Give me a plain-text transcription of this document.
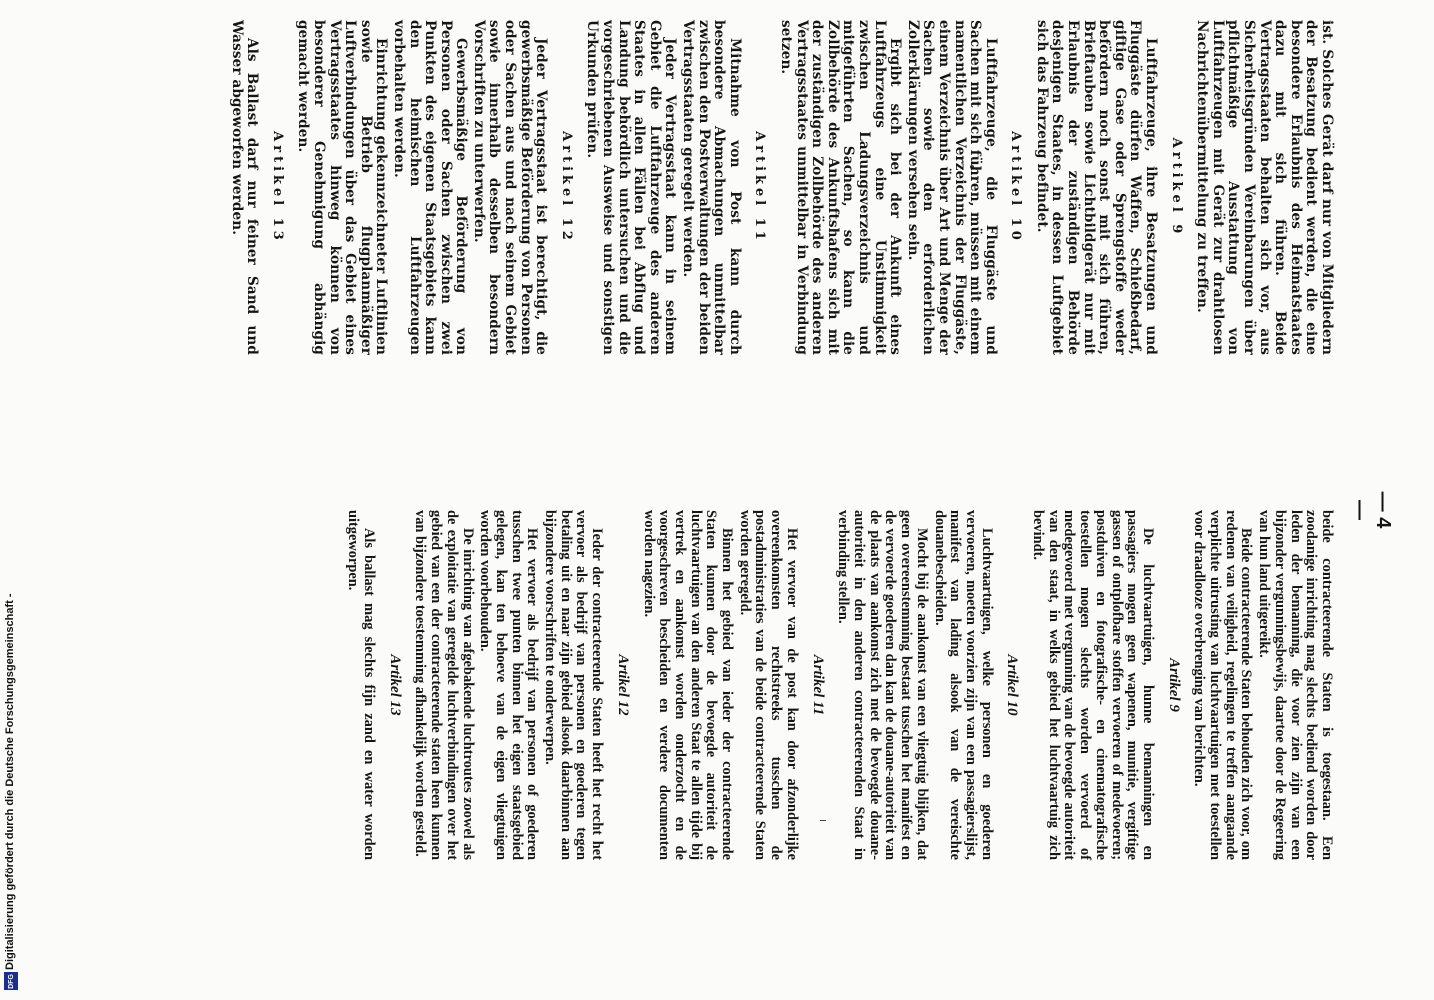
— 4 —

ist. Solches Gerät darf nur von Mitgliedern der Besatzung bedient werden, die eine besondere Erlaubnis des Heimatstaates dazu mit sich führen. Beide Vertragsstaaten behalten sich vor, aus Sicherheitsgründen Vereinbarungen über pflichtmäßige Ausstattung von Luftfahrzeugen mit Gerät zur drahtlosen Nachrichtenübermittelung zu treffen.

Artikel 9

Luftfahrzeuge, ihre Besatzungen und Fluggäste dürfen Waffen, Schießbedarf, giftige Gase oder Sprengstoffe weder befördern noch sonst mit sich führen, Brieftauben sowie Lichtbildgerät nur mit Erlaubnis der zuständigen Behörde desjenigen Staates, in dessen Luftgebiet sich das Fahrzeug befindet.

Artikel 10

Luftfahrzeuge, die Fluggäste und Sachen mit sich führen, müssen mit einem namentlichen Verzeichnis der Fluggäste, einem Verzeichnis über Art und Menge der Sachen sowie den erforderlichen Zollerklärungen versehen sein.

Ergibt sich bei der Ankunft eines Luftfahrzeugs eine Unstimmigkeit zwischen Ladungsverzeichnis und mitgeführten Sachen, so kann die Zollbehörde des Ankunftshafens sich mit der zuständigen Zollbehörde des anderen Vertragsstaates unmittelbar in Verbindung setzen.

Artikel 11

Mitnahme von Post kann durch besondere Abmachungen unmittelbar zwischen den Postverwaltungen der beiden Vertragsstaaten geregelt werden.

Jeder Vertragsstaat kann in seinem Gebiet die Luftfahrzeuge des anderen Staates in allen Fällen bei Abflug und Landung behördlich untersuchen und die vorgeschriebenen Ausweise und sonstigen Urkunden prüfen.

Artikel 12

Jeder Vertragsstaat ist berechtigt, die gewerbsmäßige Beförderung von Personen oder Sachen aus und nach seinem Gebiet sowie innerhalb desselben besondern Vorschriften zu unterwerfen.

Gewerbsmäßige Beförderung von Personen oder Sachen zwischen zwei Punkten des eigenen Staatsgebiets kann den heimischen Luftfahrzeugen vorbehalten werden.

Einrichtung gekennzeichneter Luftlinien sowie Betrieb flugplanmäßiger Luftverbindungen über das Gebiet eines Vertragsstaates hinweg können von besonderer Genehmigung abhängig gemacht werden.

Artikel 13

Als Ballast darf nur feiner Sand und Wasser abgeworfen werden.

beide contracteerende Staten is toegestaan. Een zoodanige inrichting mag slechts bediend worden door leden der bemanning, die voor zien zijn van een bijzonder vergunningsbewijs, daartoe door de Regeering van hun land uitgereikt.

Beide contracteerende Staten behouden zich voor, om redenen van veiligheid, regelingen te treffen aangaande verplichte uitrusting van luchtvaartuigen met toestellen voor draadlooze overbrenging van berichten.

Artikel 9

De luchtvaartuigen, hunne bemanningen en passagiers mogen geen wapenen, munitie, vergiftige gassen of ontplofbare stoffen vervoeren of medevoeren; postduiven en fotografische- en cinematografische toestellen mogen slechts worden vervoerd of medegevoerd met vergunning van de bevoegde autoriteit van den staat, in welks gebied het luchtvaartuig zich bevindt.

Artikel 10

Luchtvaartuigen, welke personen en goederen vervoeren, moeten voorzien zijn van een passagierslijst, manifest van lading alsook van de vereischte douanebescheiden.

Mocht bij de aankomst van een vliegtuig blijken, dat geen overeenstemming bestaat tusschen het manifest en de vervoerde goederen dan kan de douane-autoriteit van de plaats van aankomst zich met de bevoegde douane-autoriteit in den anderen contracteerenden Staat in verbinding stellen.

Artikel 11

Het vervoer van de post kan door afzonderlijke overeenkomsten rechtstreeks tusschen de postadministraties van de beide contracteerende Staten worden geregeld.

Binnen het gebied van ieder der contracteerende Staten kunnen door de bevoegde autoriteit de luchtvaartuigen van den anderen Staat te allen tijde bij vertrek en aankomst worden onderzocht en de voorgeschreven bescheiden en verdere documenten worden nagezien.

Artikel 12

Ieder der contracteerende Staten heeft het recht het vervoer als bedrijf van personen en goederen tegen betaling uit en naar zijn gebied alsook daarbinnen aan bijzondere voorschriften te onderwerpen.

Het vervoer als bedrijf van personen of goederen tusschen twee punten binnen het eigen staatsgebied gelegen, kan ten behoeve van de eigen vliegtuigen worden voorbehouden.

De inrichting van afgebakende luchtroutes zoowel als de exploitatie van geregelde luchtverbindingen over het gebied van een der contracteerende staten heen kunnen van bijzondere toestemming afhankelijk worden gesteld.

Artikel 13

Als ballast mag slechts fijn zand en water worden uitgeworpen.

Digitalisierung gefördert durch die Deutsche Forschungsgemeinschaft -
DFG
